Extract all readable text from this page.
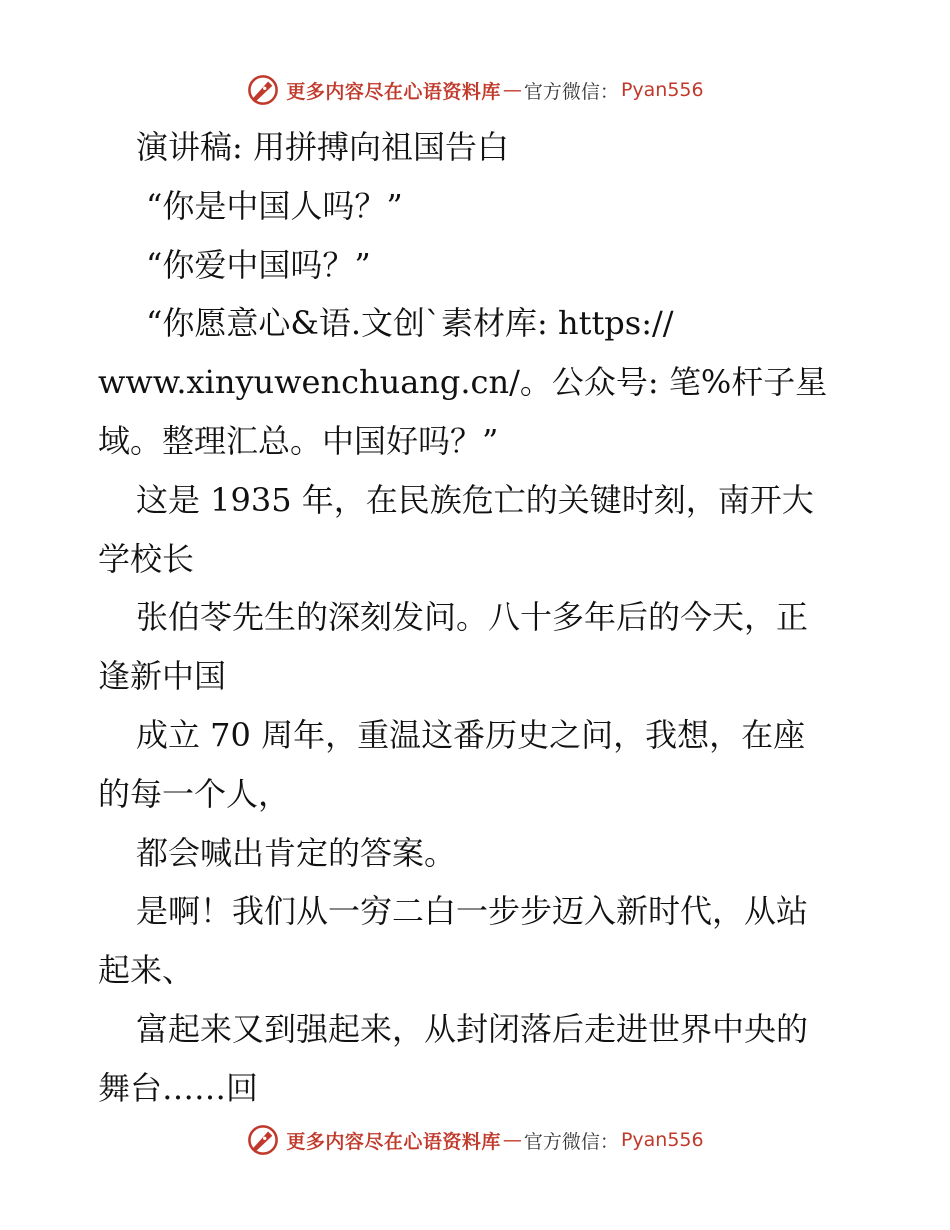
更多内容尽在心语资料库 — 官方微信： Pyan556
演讲稿: 用拼搏向祖国告白
“你是中国人吗？”
“你爱中国吗？”
“你愿意心&语.文创`素材库: https://
www.xinyuwenchuang.cn/。公众号: 笔%杆子星
域。整理汇总。中国好吗？”
这是 1935 年，在民族危亡的关键时刻，南开大
学校长
张伯苓先生的深刻发问。八十多年后的今天，正
逢新中国
成立 70 周年，重温这番历史之问，我想，在座
的每一个人，
都会喊出肯定的答案。
是啊！我们从一穷二白一步步迈入新时代，从站
起来、
富起来又到强起来，从封闭落后走进世界中央的
舞台……回
更多内容尽在心语资料库 — 官方微信： Pyan556
